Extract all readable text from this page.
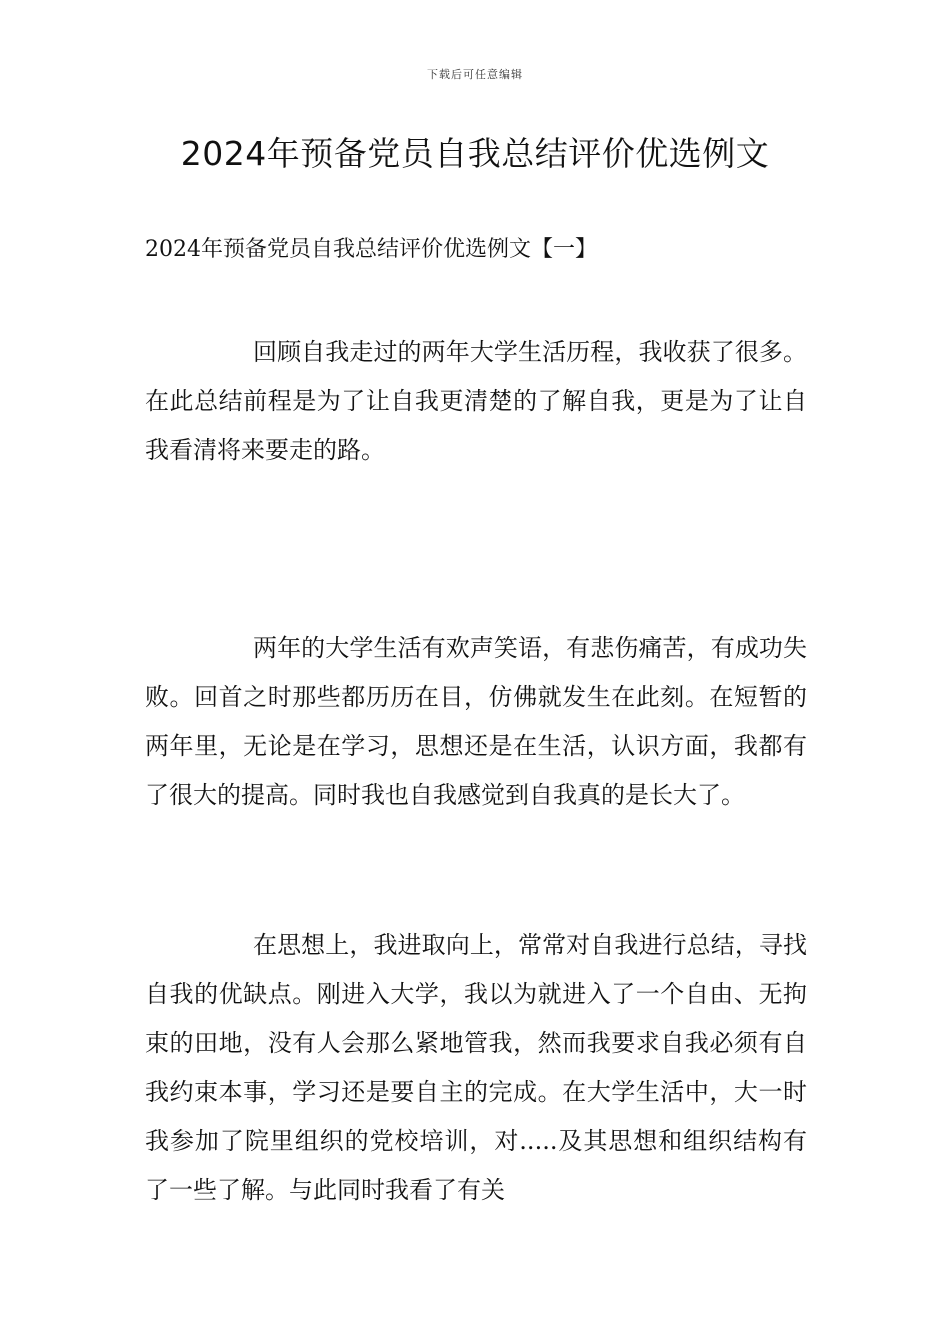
下载后可任意编辑
2024年预备党员自我总结评价优选例文
2024年预备党员自我总结评价优选例文【一】

回顾自我走过的两年大学生活历程，我收获了很多。在此总结前程是为了让自我更清楚的了解自我，更是为了让自我看清将来要走的路。

两年的大学生活有欢声笑语，有悲伤痛苦，有成功失败。回首之时那些都历历在目，仿佛就发生在此刻。在短暂的两年里，无论是在学习，思想还是在生活，认识方面，我都有了很大的提高。同时我也自我感觉到自我真的是长大了。

在思想上，我进取向上，常常对自我进行总结，寻找自我的优缺点。刚进入大学，我以为就进入了一个自由、无拘束的田地，没有人会那么紧地管我，然而我要求自我必须有自我约束本事，学习还是要自主的完成。在大学生活中，大一时我参加了院里组织的党校培训，对.....及其思想和组织结构有了一些了解。与此同时我看了有关
